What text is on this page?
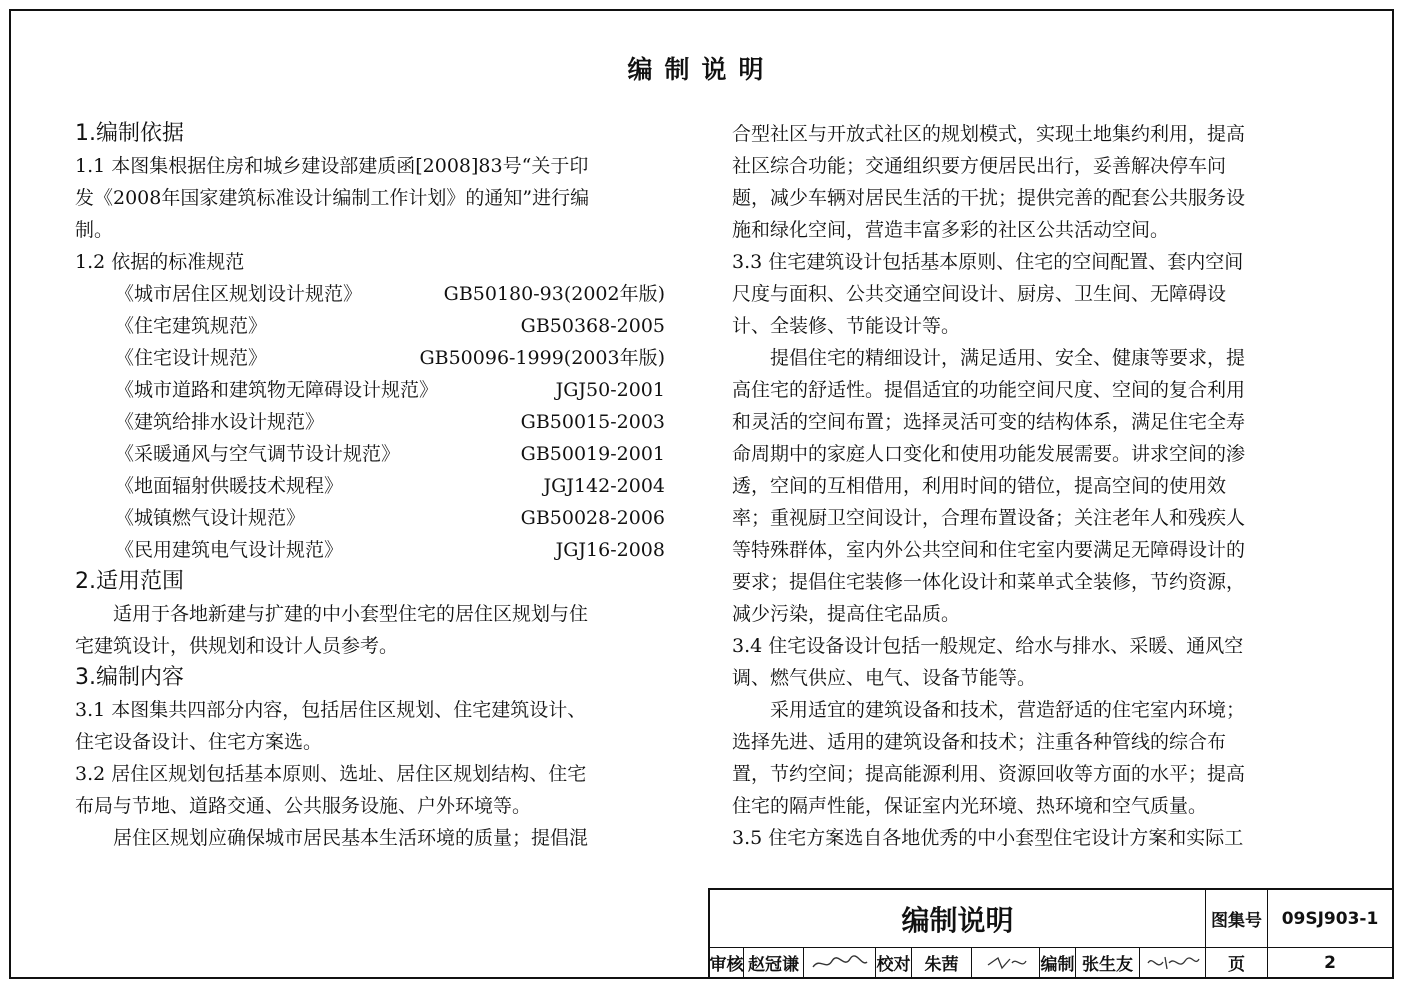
编制说明

1.编制依据

1.1 本图集根据住房和城乡建设部建质函[2008]83号“关于印

发《2008年国家建筑标准设计编制工作计划》的通知”进行编

制。

1.2 依据的标准规范

《城市居住区规划设计规范》	GB50180-93(2002年版)
《住宅建筑规范》	GB50368-2005
《住宅设计规范》	GB50096-1999(2003年版)
《城市道路和建筑物无障碍设计规范》	JGJ50-2001
《建筑给排水设计规范》	GB50015-2003
《采暖通风与空气调节设计规范》	GB50019-2001
《地面辐射供暖技术规程》	JGJ142-2004
《城镇燃气设计规范》	GB50028-2006
《民用建筑电气设计规范》	JGJ16-2008

2.适用范围

适用于各地新建与扩建的中小套型住宅的居住区规划与住

宅建筑设计，供规划和设计人员参考。

3.编制内容

3.1 本图集共四部分内容，包括居住区规划、住宅建筑设计、

住宅设备设计、住宅方案选。

3.2 居住区规划包括基本原则、选址、居住区规划结构、住宅

布局与节地、道路交通、公共服务设施、户外环境等。

居住区规划应确保城市居民基本生活环境的质量；提倡混

合型社区与开放式社区的规划模式，实现土地集约利用，提高

社区综合功能；交通组织要方便居民出行，妥善解决停车问

题，减少车辆对居民生活的干扰；提供完善的配套公共服务设

施和绿化空间，营造丰富多彩的社区公共活动空间。

3.3 住宅建筑设计包括基本原则、住宅的空间配置、套内空间

尺度与面积、公共交通空间设计、厨房、卫生间、无障碍设

计、全装修、节能设计等。

提倡住宅的精细设计，满足适用、安全、健康等要求，提

高住宅的舒适性。提倡适宜的功能空间尺度、空间的复合利用

和灵活的空间布置；选择灵活可变的结构体系，满足住宅全寿

命周期中的家庭人口变化和使用功能发展需要。讲求空间的渗

透，空间的互相借用，利用时间的错位，提高空间的使用效

率；重视厨卫空间设计，合理布置设备；关注老年人和残疾人

等特殊群体，室内外公共空间和住宅室内要满足无障碍设计的

要求；提倡住宅装修一体化设计和菜单式全装修，节约资源，

减少污染，提高住宅品质。

3.4 住宅设备设计包括一般规定、给水与排水、采暖、通风空

调、燃气供应、电气、设备节能等。

采用适宜的建筑设备和技术，营造舒适的住宅室内环境；

选择先进、适用的建筑设备和技术；注重各种管线的综合布

置，节约空间；提高能源利用、资源回收等方面的水平；提高

住宅的隔声性能，保证室内光环境、热环境和空气质量。

3.5 住宅方案选自各地优秀的中小套型住宅设计方案和实际工

编制说明	图集号	09SJ903-1
审核 赵冠谦	校对 朱茜	编制 张生友	页	2
